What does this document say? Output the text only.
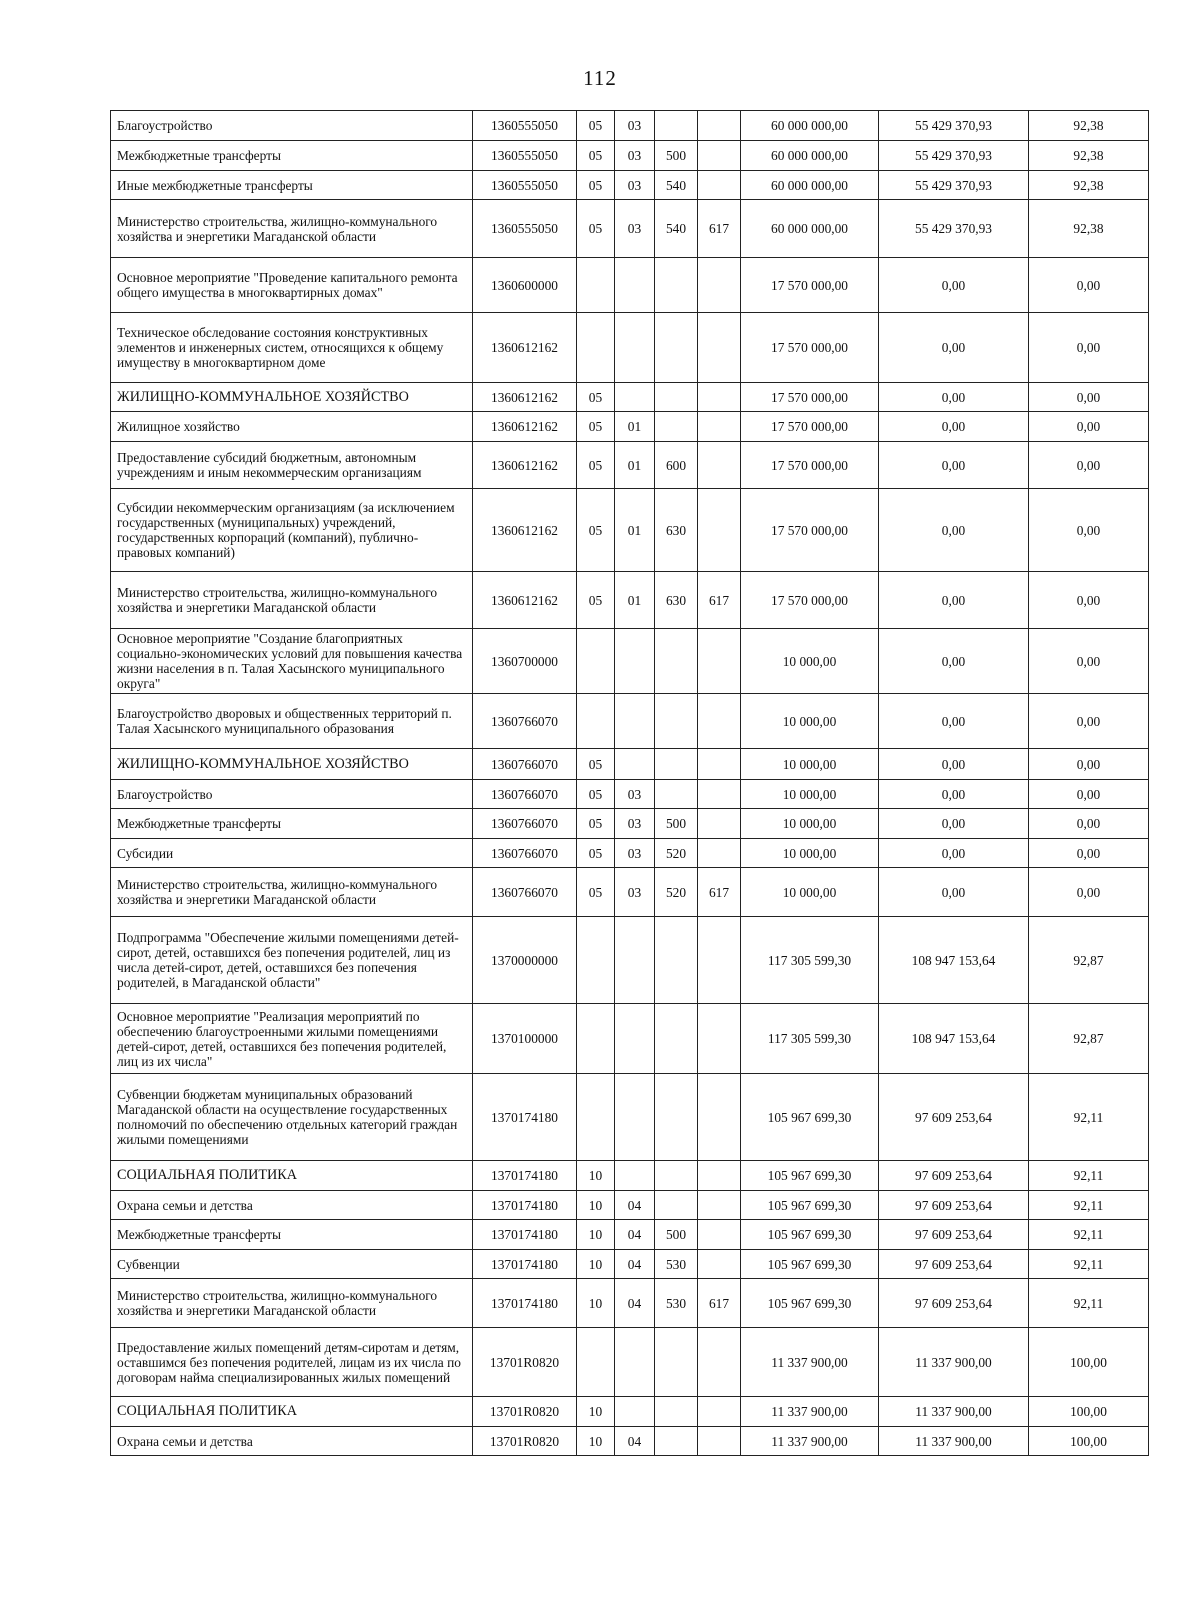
112
Благоустройство	1360555050	05	03			60 000 000,00	55 429 370,93	92,38
Межбюджетные трансферты	1360555050	05	03	500		60 000 000,00	55 429 370,93	92,38
Иные межбюджетные трансферты	1360555050	05	03	540		60 000 000,00	55 429 370,93	92,38
Министерство строительства, жилищно-коммунального хозяйства и энергетики Магаданской области	1360555050	05	03	540	617	60 000 000,00	55 429 370,93	92,38
Основное мероприятие "Проведение капитального ремонта общего имущества в многоквартирных домах"	1360600000					17 570 000,00	0,00	0,00
Техническое обследование состояния конструктивных элементов и инженерных систем, относящихся к общему имуществу в многоквартирном доме	1360612162					17 570 000,00	0,00	0,00
ЖИЛИЩНО-КОММУНАЛЬНОЕ ХОЗЯЙСТВО	1360612162	05				17 570 000,00	0,00	0,00
Жилищное хозяйство	1360612162	05	01			17 570 000,00	0,00	0,00
Предоставление субсидий бюджетным, автономным учреждениям и иным некоммерческим организациям	1360612162	05	01	600		17 570 000,00	0,00	0,00
Субсидии некоммерческим организациям (за исключением государственных (муниципальных) учреждений, государственных корпораций (компаний), публично-правовых компаний)	1360612162	05	01	630		17 570 000,00	0,00	0,00
Министерство строительства, жилищно-коммунального хозяйства и энергетики Магаданской области	1360612162	05	01	630	617	17 570 000,00	0,00	0,00
Основное мероприятие "Создание благоприятных социально-экономических условий для повышения качества жизни населения в п. Талая Хасынского муниципального округа"	1360700000					10 000,00	0,00	0,00
Благоустройство дворовых и общественных территорий п. Талая Хасынского муниципального образования	1360766070					10 000,00	0,00	0,00
ЖИЛИЩНО-КОММУНАЛЬНОЕ ХОЗЯЙСТВО	1360766070	05				10 000,00	0,00	0,00
Благоустройство	1360766070	05	03			10 000,00	0,00	0,00
Межбюджетные трансферты	1360766070	05	03	500		10 000,00	0,00	0,00
Субсидии	1360766070	05	03	520		10 000,00	0,00	0,00
Министерство строительства, жилищно-коммунального хозяйства и энергетики Магаданской области	1360766070	05	03	520	617	10 000,00	0,00	0,00
Подпрограмма "Обеспечение жилыми помещениями детей-сирот, детей, оставшихся без попечения родителей, лиц из числа детей-сирот, детей, оставшихся без попечения родителей, в Магаданской области"	1370000000					117 305 599,30	108 947 153,64	92,87
Основное мероприятие "Реализация мероприятий по обеспечению благоустроенными жилыми помещениями детей-сирот, детей, оставшихся без попечения родителей, лиц из их числа"	1370100000					117 305 599,30	108 947 153,64	92,87
Субвенции бюджетам муниципальных образований Магаданской области на осуществление государственных полномочий по обеспечению отдельных категорий граждан жилыми помещениями	1370174180					105 967 699,30	97 609 253,64	92,11
СОЦИАЛЬНАЯ ПОЛИТИКА	1370174180	10				105 967 699,30	97 609 253,64	92,11
Охрана семьи и детства	1370174180	10	04			105 967 699,30	97 609 253,64	92,11
Межбюджетные трансферты	1370174180	10	04	500		105 967 699,30	97 609 253,64	92,11
Субвенции	1370174180	10	04	530		105 967 699,30	97 609 253,64	92,11
Министерство строительства, жилищно-коммунального хозяйства и энергетики Магаданской области	1370174180	10	04	530	617	105 967 699,30	97 609 253,64	92,11
Предоставление жилых помещений детям-сиротам и детям, оставшимся без попечения родителей, лицам из их числа по договорам найма специализированных жилых помещений	13701R0820					11 337 900,00	11 337 900,00	100,00
СОЦИАЛЬНАЯ ПОЛИТИКА	13701R0820	10				11 337 900,00	11 337 900,00	100,00
Охрана семьи и детства	13701R0820	10	04			11 337 900,00	11 337 900,00	100,00
